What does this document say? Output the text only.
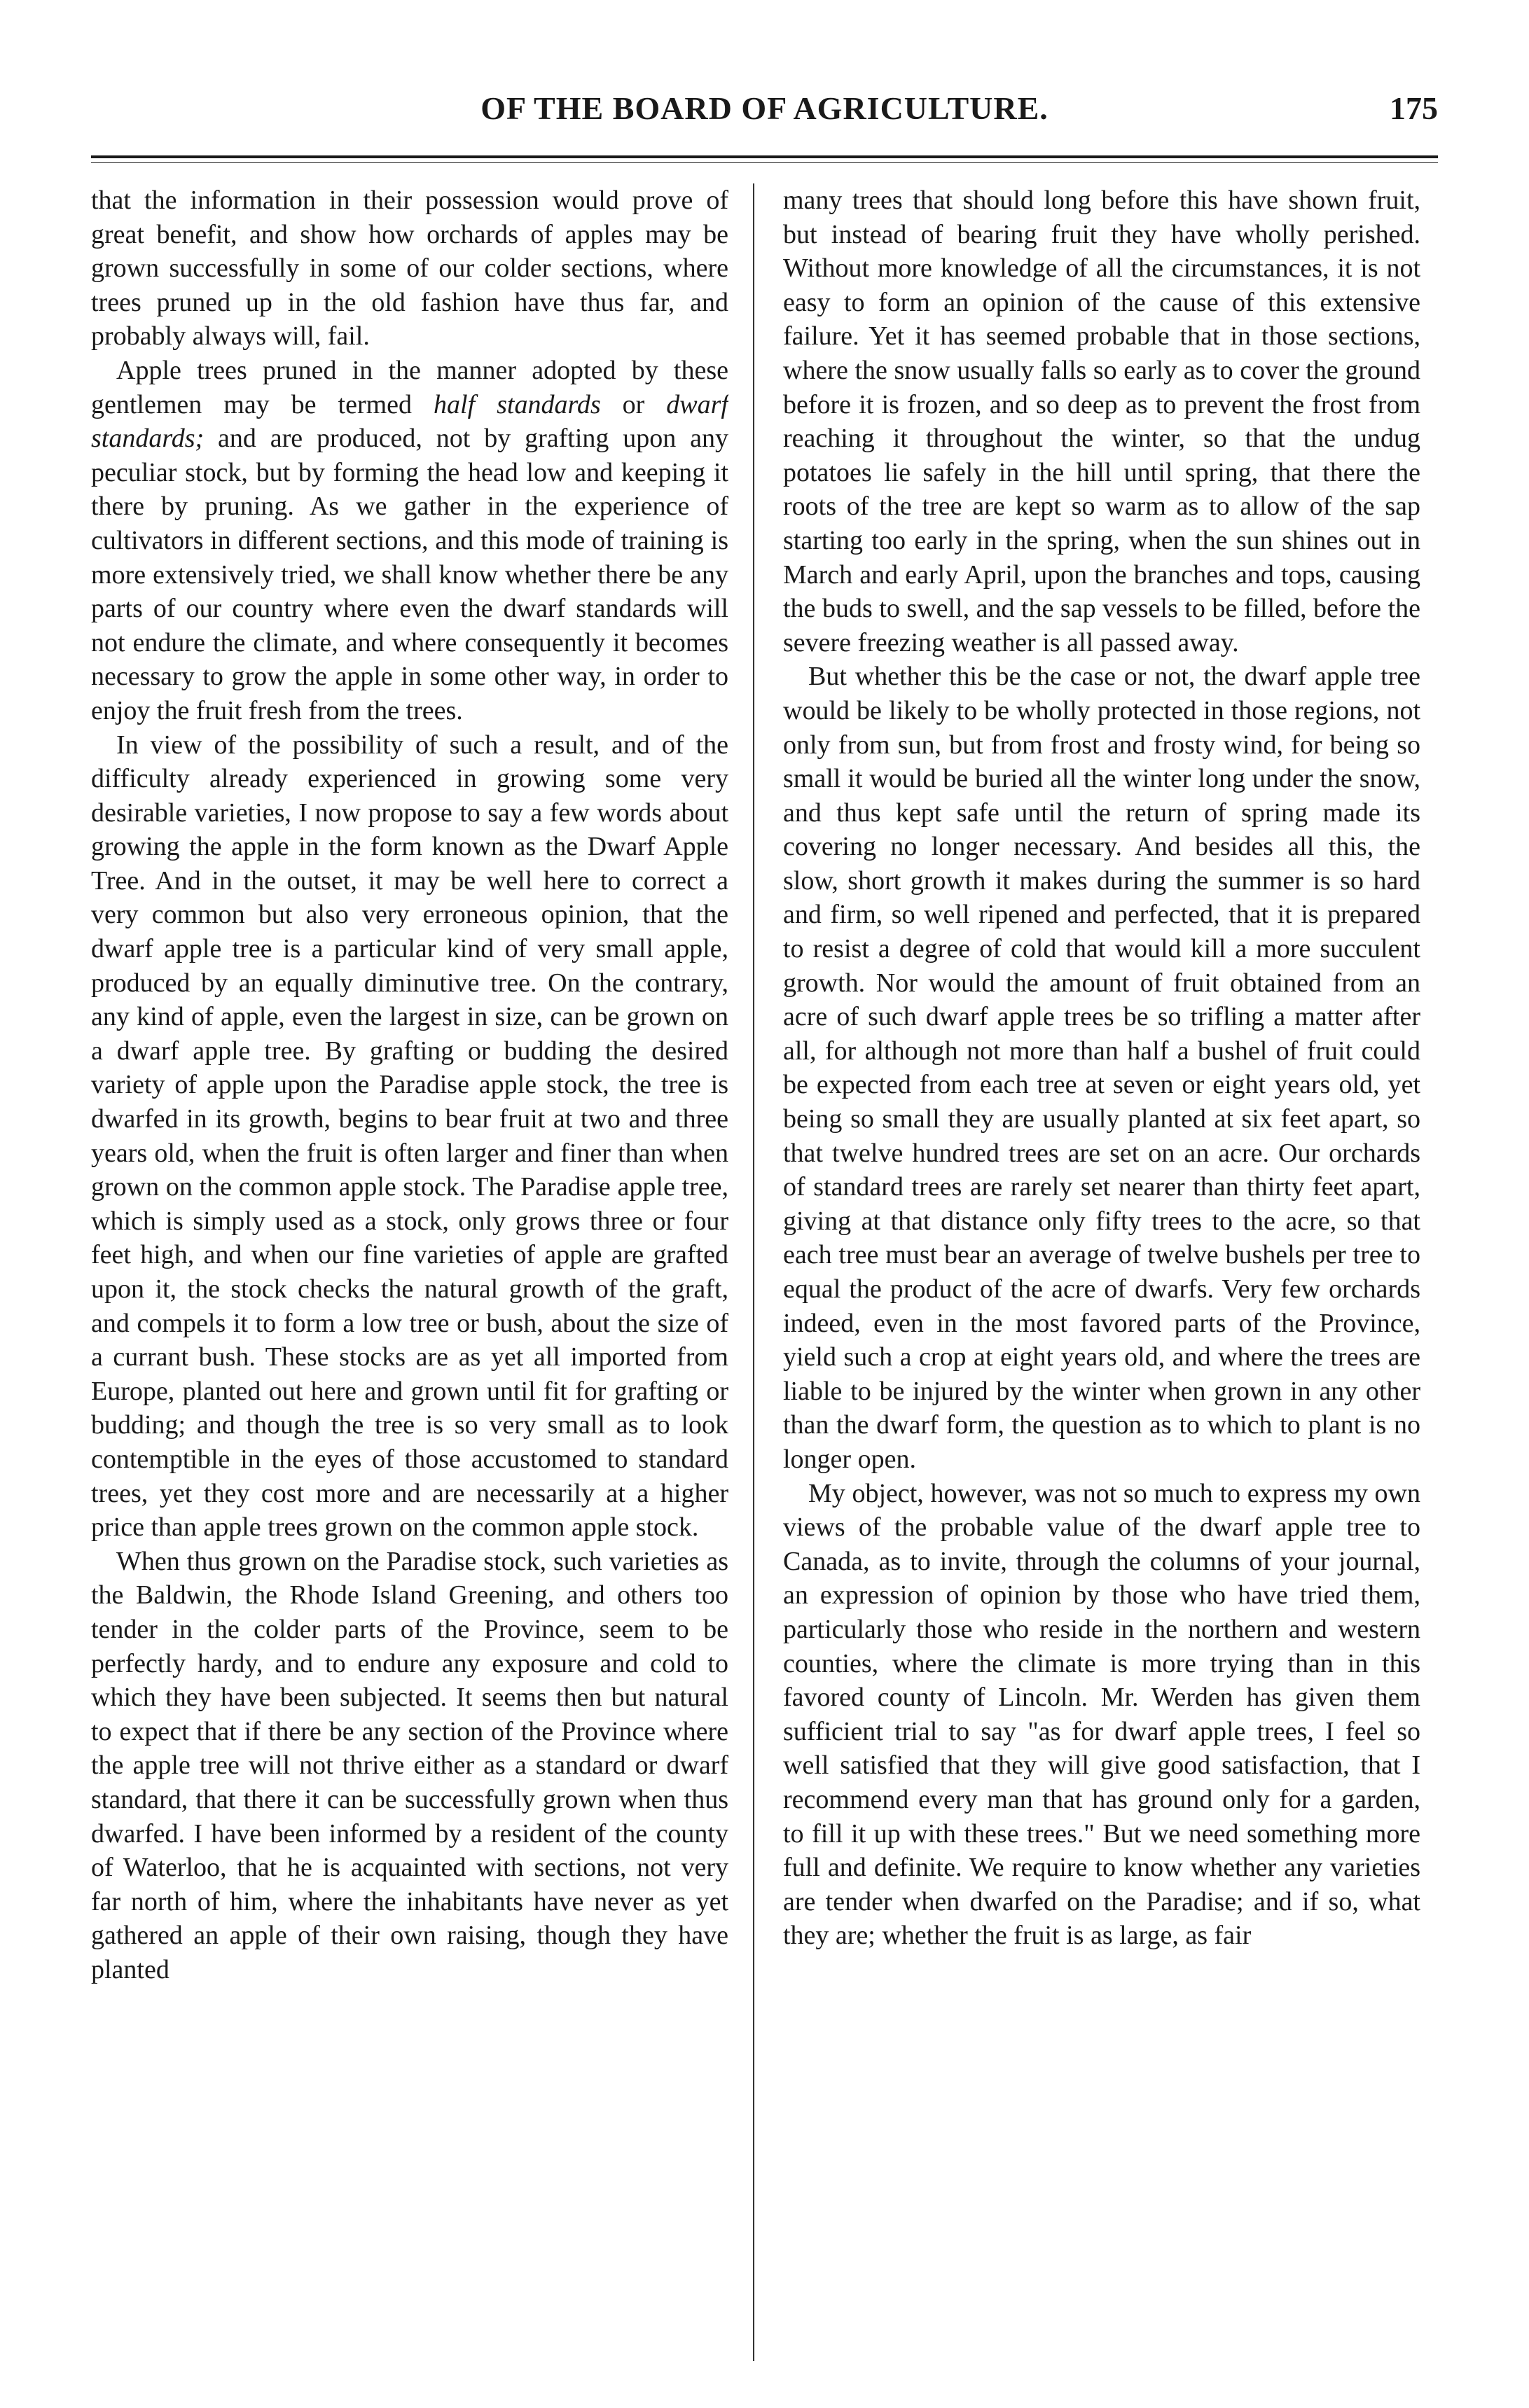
OF THE BOARD OF AGRICULTURE.	175

that the information in their possession would prove of great benefit, and show how orchards of apples may be grown successfully in some of our colder sections, where trees pruned up in the old fashion have thus far, and probably always will, fail.

Apple trees pruned in the manner adopted by these gentlemen may be termed half standards or dwarf standards; and are produced, not by grafting upon any peculiar stock, but by forming the head low and keeping it there by pruning. As we gather in the experience of cultivators in different sections, and this mode of training is more extensively tried, we shall know whether there be any parts of our country where even the dwarf standards will not endure the climate, and where consequently it becomes necessary to grow the apple in some other way, in order to enjoy the fruit fresh from the trees.

In view of the possibility of such a result, and of the difficulty already experienced in growing some very desirable varieties, I now propose to say a few words about growing the apple in the form known as the Dwarf Apple Tree. And in the outset, it may be well here to correct a very common but also very erroneous opinion, that the dwarf apple tree is a particular kind of very small apple, produced by an equally diminutive tree. On the contrary, any kind of apple, even the largest in size, can be grown on a dwarf apple tree. By grafting or budding the desired variety of apple upon the Paradise apple stock, the tree is dwarfed in its growth, begins to bear fruit at two and three years old, when the fruit is often larger and finer than when grown on the common apple stock. The Paradise apple tree, which is simply used as a stock, only grows three or four feet high, and when our fine varieties of apple are grafted upon it, the stock checks the natural growth of the graft, and compels it to form a low tree or bush, about the size of a currant bush. These stocks are as yet all imported from Europe, planted out here and grown until fit for grafting or budding; and though the tree is so very small as to look contemptible in the eyes of those accustomed to standard trees, yet they cost more and are necessarily at a higher price than apple trees grown on the common apple stock.

When thus grown on the Paradise stock, such varieties as the Baldwin, the Rhode Island Greening, and others too tender in the colder parts of the Province, seem to be perfectly hardy, and to endure any exposure and cold to which they have been subjected. It seems then but natural to expect that if there be any section of the Province where the apple tree will not thrive either as a standard or dwarf standard, that there it can be successfully grown when thus dwarfed. I have been informed by a resident of the county of Waterloo, that he is acquainted with sections, not very far north of him, where the inhabitants have never as yet gathered an apple of their own raising, though they have planted

many trees that should long before this have shown fruit, but instead of bearing fruit they have wholly perished. Without more knowledge of all the circumstances, it is not easy to form an opinion of the cause of this extensive failure. Yet it has seemed probable that in those sections, where the snow usually falls so early as to cover the ground before it is frozen, and so deep as to prevent the frost from reaching it throughout the winter, so that the undug potatoes lie safely in the hill until spring, that there the roots of the tree are kept so warm as to allow of the sap starting too early in the spring, when the sun shines out in March and early April, upon the branches and tops, causing the buds to swell, and the sap vessels to be filled, before the severe freezing weather is all passed away.

But whether this be the case or not, the dwarf apple tree would be likely to be wholly protected in those regions, not only from sun, but from frost and frosty wind, for being so small it would be buried all the winter long under the snow, and thus kept safe until the return of spring made its covering no longer necessary. And besides all this, the slow, short growth it makes during the summer is so hard and firm, so well ripened and perfected, that it is prepared to resist a degree of cold that would kill a more succulent growth. Nor would the amount of fruit obtained from an acre of such dwarf apple trees be so trifling a matter after all, for although not more than half a bushel of fruit could be expected from each tree at seven or eight years old, yet being so small they are usually planted at six feet apart, so that twelve hundred trees are set on an acre. Our orchards of standard trees are rarely set nearer than thirty feet apart, giving at that distance only fifty trees to the acre, so that each tree must bear an average of twelve bushels per tree to equal the product of the acre of dwarfs. Very few orchards indeed, even in the most favored parts of the Province, yield such a crop at eight years old, and where the trees are liable to be injured by the winter when grown in any other than the dwarf form, the question as to which to plant is no longer open.

My object, however, was not so much to express my own views of the probable value of the dwarf apple tree to Canada, as to invite, through the columns of your journal, an expression of opinion by those who have tried them, particularly those who reside in the northern and western counties, where the climate is more trying than in this favored county of Lincoln. Mr. Werden has given them sufficient trial to say "as for dwarf apple trees, I feel so well satisfied that they will give good satisfaction, that I recommend every man that has ground only for a garden, to fill it up with these trees." But we need something more full and definite. We require to know whether any varieties are tender when dwarfed on the Paradise; and if so, what they are; whether the fruit is as large, as fair
